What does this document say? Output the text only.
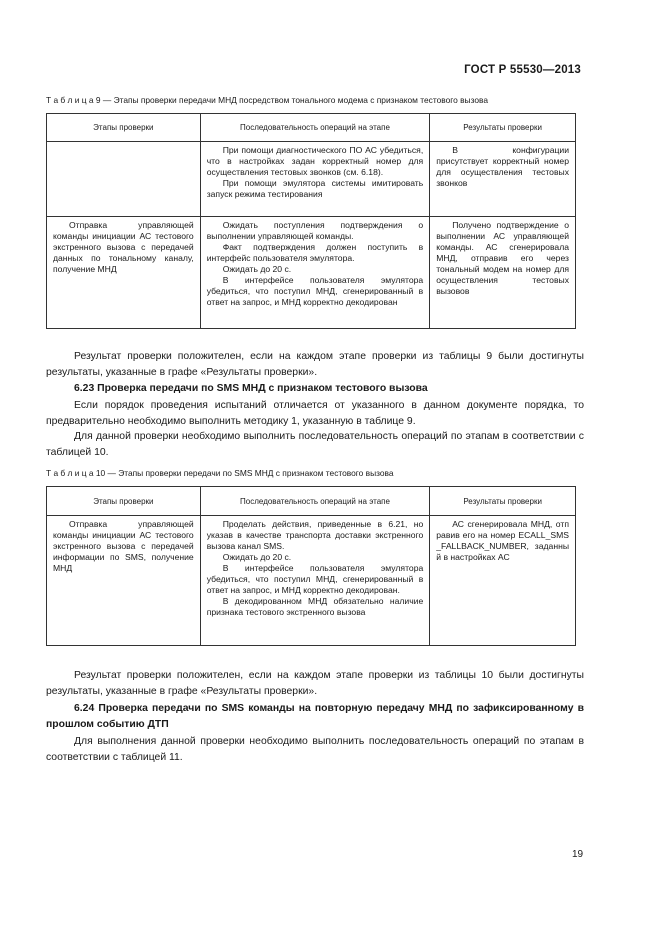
ГОСТ Р 55530—2013
Т а б л и ц а 9 — Этапы проверки передачи МНД посредством тонального модема с признаком тестового вызова
Этапы проверки	Последовательность операций на этапе	Результаты проверки

	При помощи диагностического ПО АС убедиться, что в настройках задан корректный номер для осуществления тестовых звонков (см. 6.18).

При помощи эмулятора системы имитировать запуск режима тестирования	В конфигурации присутствует корректный номер для осуществления тестовых звонков

Отправка управляющей команды инициации АС тестового экстренного вызова с передачей данных по тональному каналу, получение МНД	Ожидать поступления подтверждения о выполнении управляющей команды.

Факт подтверждения должен поступить в интерфейс пользователя эмулятора.

Ожидать до 20 с.

В интерфейсе пользователя эмулятора убедиться, что поступил МНД, сгенерированный в ответ на запрос, и МНД корректно декодирован	Получено подтверждение о выполнении АС управляющей команды. АС сгенерировала МНД, отправив его через тональный модем на номер для осуществления тестовых вызовов

Результат проверки положителен, если на каждом этапе проверки из таблицы 9 были достигнуты результаты, указанные в графе «Результаты проверки».

6.23 Проверка передачи по SMS МНД с признаком тестового вызова

Если порядок проведения испытаний отличается от указанного в данном документе порядка, то предварительно необходимо выполнить методику 1, указанную в таблице 9.

Для данной проверки необходимо выполнить последовательность операций по этапам в соответствии с таблицей 10.

Т а б л и ц а 10 — Этапы проверки передачи по SMS МНД с признаком тестового вызова
Этапы проверки	Последовательность операций на этапе	Результаты проверки

Отправка управляющей команды инициации АС тестового экстренного вызова с передачей информации по SMS, получение МНД	Проделать действия, приведенные в 6.21, но указав в качестве транспорта доставки экстренного вызова канал SMS.

Ожидать до 20 с.

В интерфейсе пользователя эмулятора убедиться, что поступил МНД, сгенерированный в ответ на запрос, и МНД корректно декодирован.

В декодированном МНД обязательно наличие признака тестового экстренного вызова	АС сгенерировала МНД, отправив его на номер ECALL_SMS_FALLBACK_NUMBER, заданный в настройках АС

Результат проверки положителен, если на каждом этапе проверки из таблицы 10 были достигнуты результаты, указанные в графе «Результаты проверки».

6.24 Проверка передачи по SMS команды на повторную передачу МНД по зафиксированному в прошлом событию ДТП

Для выполнения данной проверки необходимо выполнить последовательность операций по этапам в соответствии с таблицей 11.

19
